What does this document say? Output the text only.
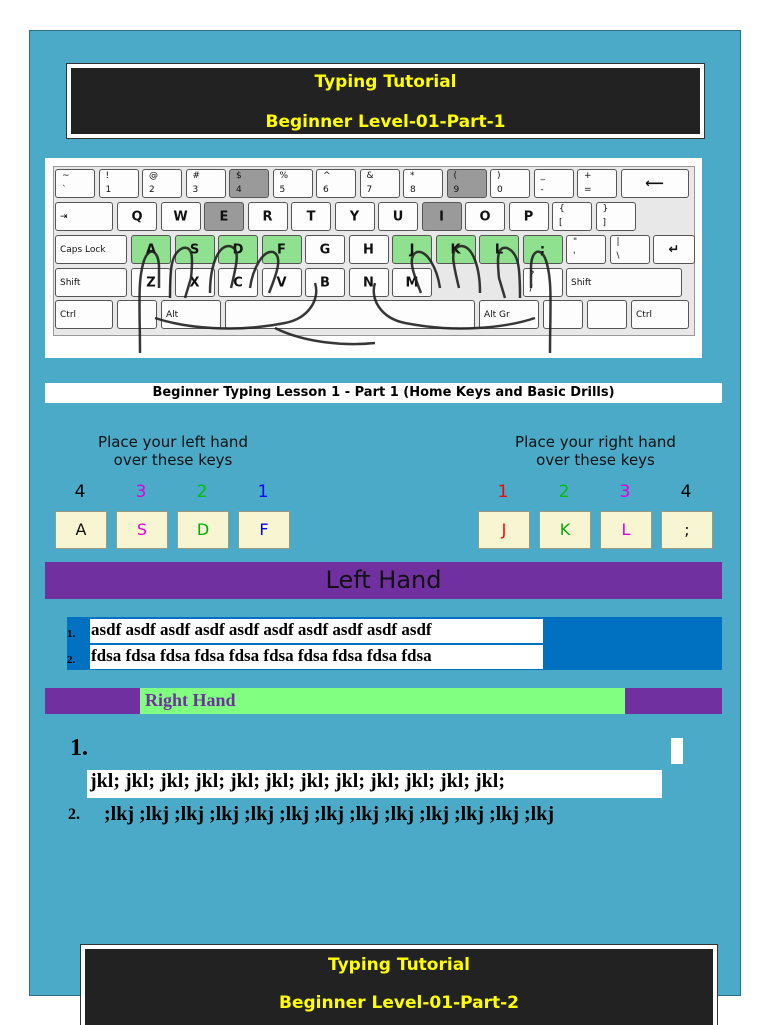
Typing Tutorial
Beginner Level-01-Part-1
~
`
!
1
@
2
#
3
$
4
%
5
^
6
&
7
*
8
(
9
)
0
_
-
+
=	⟵
⇥	Q	W	E	R	T	Y	U	I	O	P	{
[
}
]
Caps Lock	A	S	D	F	G	H	J	K	L	;	"
'
|
\	↵
Shift	Z	X	C	V	B	N	M	?
/
Shift
Ctrl	Alt	Alt Gr	Ctrl
Beginner Typing Lesson 1 - Part 1 (Home Keys and Basic Drills)
Place your left hand
over these keys
4
A
3
S
2
D
1
F
Place your right hand
over these keys
1
J
2
K
3
L
4
;
Left Hand
1. asdf asdf asdf asdf asdf asdf asdf asdf asdf asdf
2. fdsa fdsa fdsa fdsa fdsa fdsa fdsa fdsa fdsa fdsa
Right Hand
1.
jkl; jkl; jkl; jkl; jkl; jkl; jkl; jkl; jkl; jkl; jkl; jkl;
2. ;lkj ;lkj ;lkj ;lkj ;lkj ;lkj ;lkj ;lkj ;lkj ;lkj ;lkj ;lkj ;lkj
Typing Tutorial
Beginner Level-01-Part-2
